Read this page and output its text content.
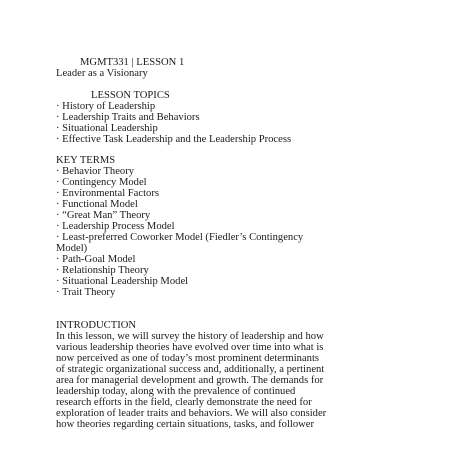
MGMT331 | LESSON 1
Leader as a Visionary
LESSON TOPICS
· History of Leadership
· Leadership Traits and Behaviors
· Situational Leadership
· Effective Task Leadership and the Leadership Process
KEY TERMS
· Behavior Theory
· Contingency Model
· Environmental Factors
· Functional Model
· “Great Man” Theory
· Leadership Process Model
· Least-preferred Coworker Model (Fiedler’s Contingency
Model)
· Path-Goal Model
· Relationship Theory
· Situational Leadership Model
· Trait Theory
INTRODUCTION
In this lesson, we will survey the history of leadership and how
various leadership theories have evolved over time into what is
now perceived as one of today’s most prominent determinants
of strategic organizational success and, additionally, a pertinent
area for managerial development and growth. The demands for
leadership today, along with the prevalence of continued
research efforts in the field, clearly demonstrate the need for
exploration of leader traits and behaviors. We will also consider
how theories regarding certain situations, tasks, and follower
